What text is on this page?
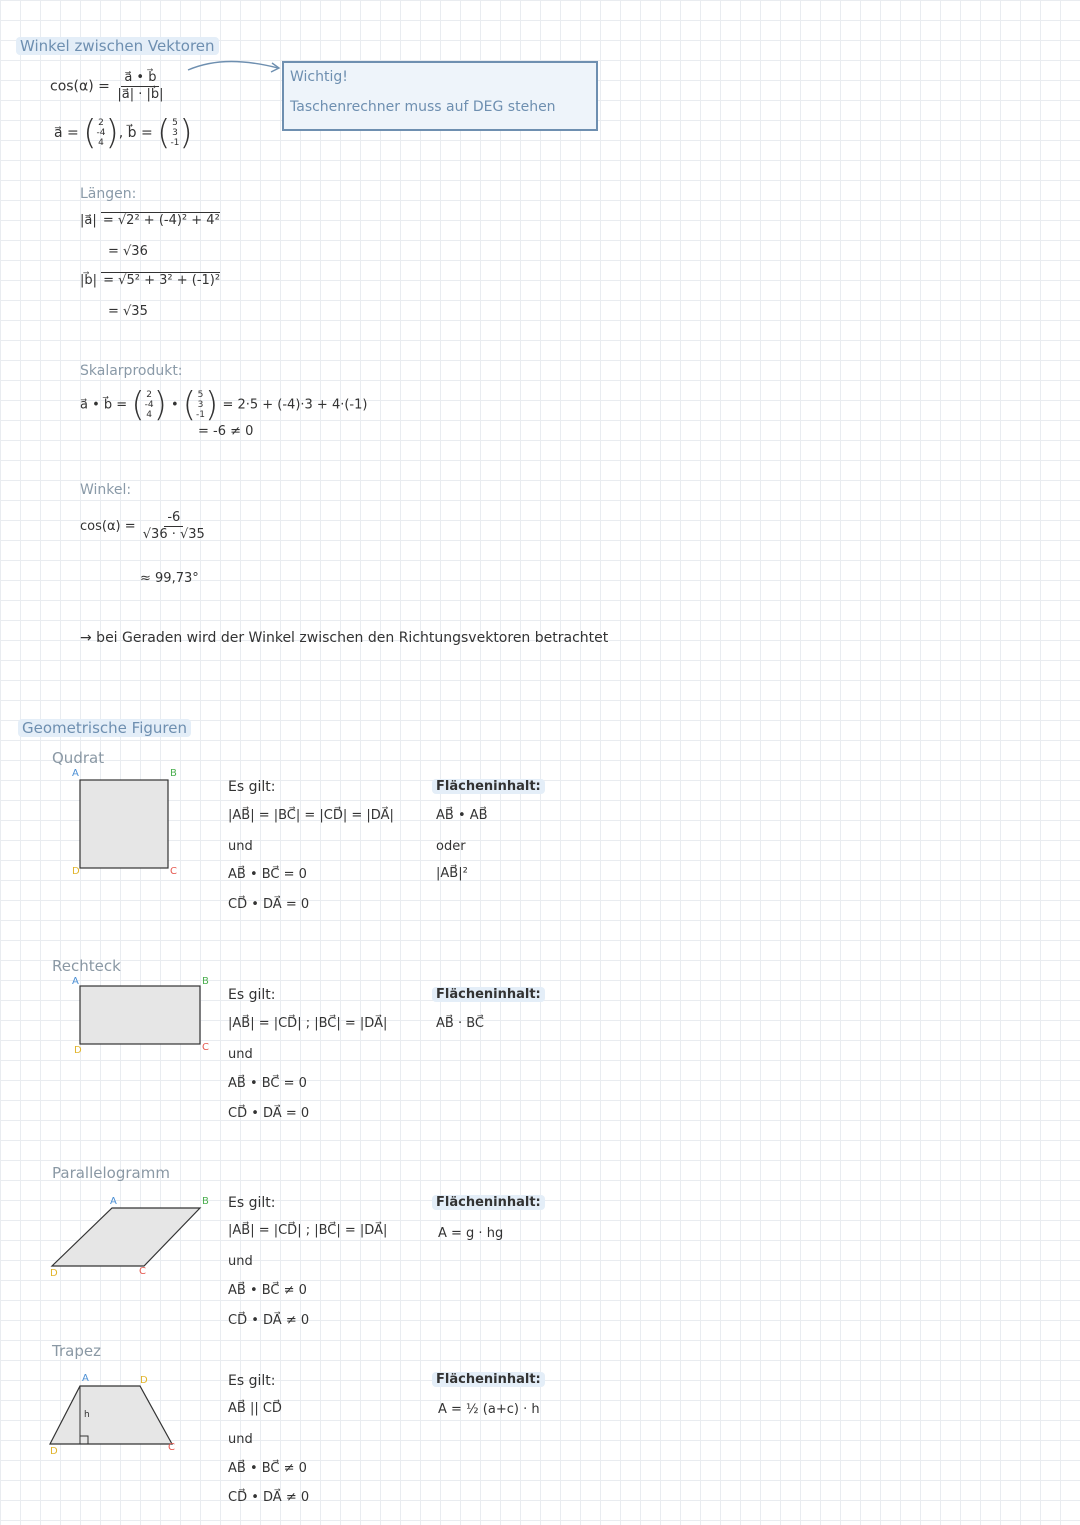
Winkel zwischen Vektoren
$\cos(\alpha) = \frac{a⃗ • b⃗}{|a⃗| \cdot |b⃗|}$	Wichtig!
Taschenrechner muss auf DEG stehen
a⃗ = ( 2
-4
4 ), b⃗ = ( 5
3
-1 )
Längen:
|a⃗| = √2² + (-4)² + 4²
= √36
|b⃗| = √5² + 3² + (-1)²
= √35
Skalarprodukt:
a⃗ • b⃗ = ( 2
-4
4 ) • ( 5
3
-1 ) = 2·5 + (-4)·3 + 4·(-1)
= -6 ≠ 0
Winkel:
$\cos(\alpha) = \frac{-6}{√36 \cdot √35}$
≈ 99,73°
→ bei Geraden wird der Winkel zwischen den Richtungsvektoren betrachtet
Geometrische Figuren
Qudrat
A	B
C
D
Es gilt:
|AB⃗| = |BC⃗| = |CD⃗| = |DA⃗|
und
AB⃗ • BC⃗ = 0
CD⃗ • DA⃗ = 0
Flächeninhalt:
AB⃗ • AB⃗
oder
|AB⃗|²
Rechteck
A	B
C
D
Es gilt:
|AB⃗| = |CD⃗| ; |BC⃗| = |DA⃗|
und
AB⃗ • BC⃗ = 0
CD⃗ • DA⃗ = 0
Flächeninhalt:
AB⃗ · BC⃗
Parallelogramm
A	B
C
D
Es gilt:
|AB⃗| = |CD⃗| ; |BC⃗| = |DA⃗|
und
AB⃗ • BC⃗ ≠ 0
CD⃗ • DA⃗ ≠ 0
Flächeninhalt:
A = g · hg
Trapez
A	D
C
D
h
Es gilt:
AB⃗ || CD⃗
und
AB⃗ • BC⃗ ≠ 0
CD⃗ • DA⃗ ≠ 0
Flächeninhalt:
A = ½ (a+c) · h
